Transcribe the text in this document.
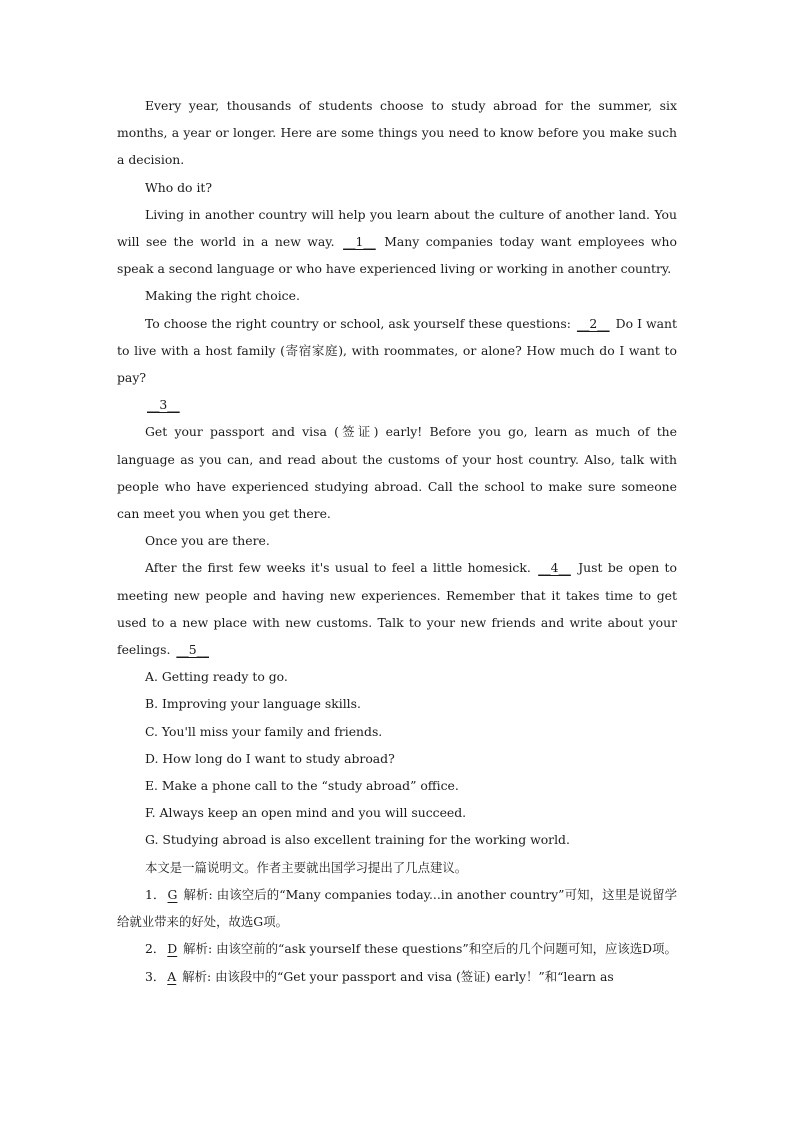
Every year, thousands of students choose to study abroad for the summer, six months, a year or longer. Here are some things you need to know before you make such a decision.

Who do it?

Living in another country will help you learn about the culture of another land. You will see the world in a new way. __1__ Many companies today want employees who speak a second language or who have experienced living or working in another country.

Making the right choice.

To choose the right country or school, ask yourself these questions: __2__ Do I want to live with a host family (寄宿家庭), with roommates, or alone? How much do I want to pay?

__3__

Get your passport and visa (签证) early! Before you go, learn as much of the language as you can, and read about the customs of your host country. Also, talk with people who have experienced studying abroad. Call the school to make sure someone can meet you when you get there.

Once you are there.

After the first few weeks it's usual to feel a little homesick. __4__ Just be open to meeting new people and having new experiences. Remember that it takes time to get used to a new place with new customs. Talk to your new friends and write about your feelings. __5__

A. Getting ready to go.

B. Improving your language skills.

C. You'll miss your family and friends.

D. How long do I want to study abroad?

E. Make a phone call to the “study abroad” office.

F. Always keep an open mind and you will succeed.

G. Studying abroad is also excellent training for the working world.

本文是一篇说明文。作者主要就出国学习提出了几点建议。

1． G 解析: 由该空后的“Many companies today...in another country”可知，这里是说留学给就业带来的好处，故选G项。

2． D 解析: 由该空前的“ask yourself these questions”和空后的几个问题可知，应该选D项。

3． A 解析: 由该段中的“Get your passport and visa (签证) early！”和“learn as
